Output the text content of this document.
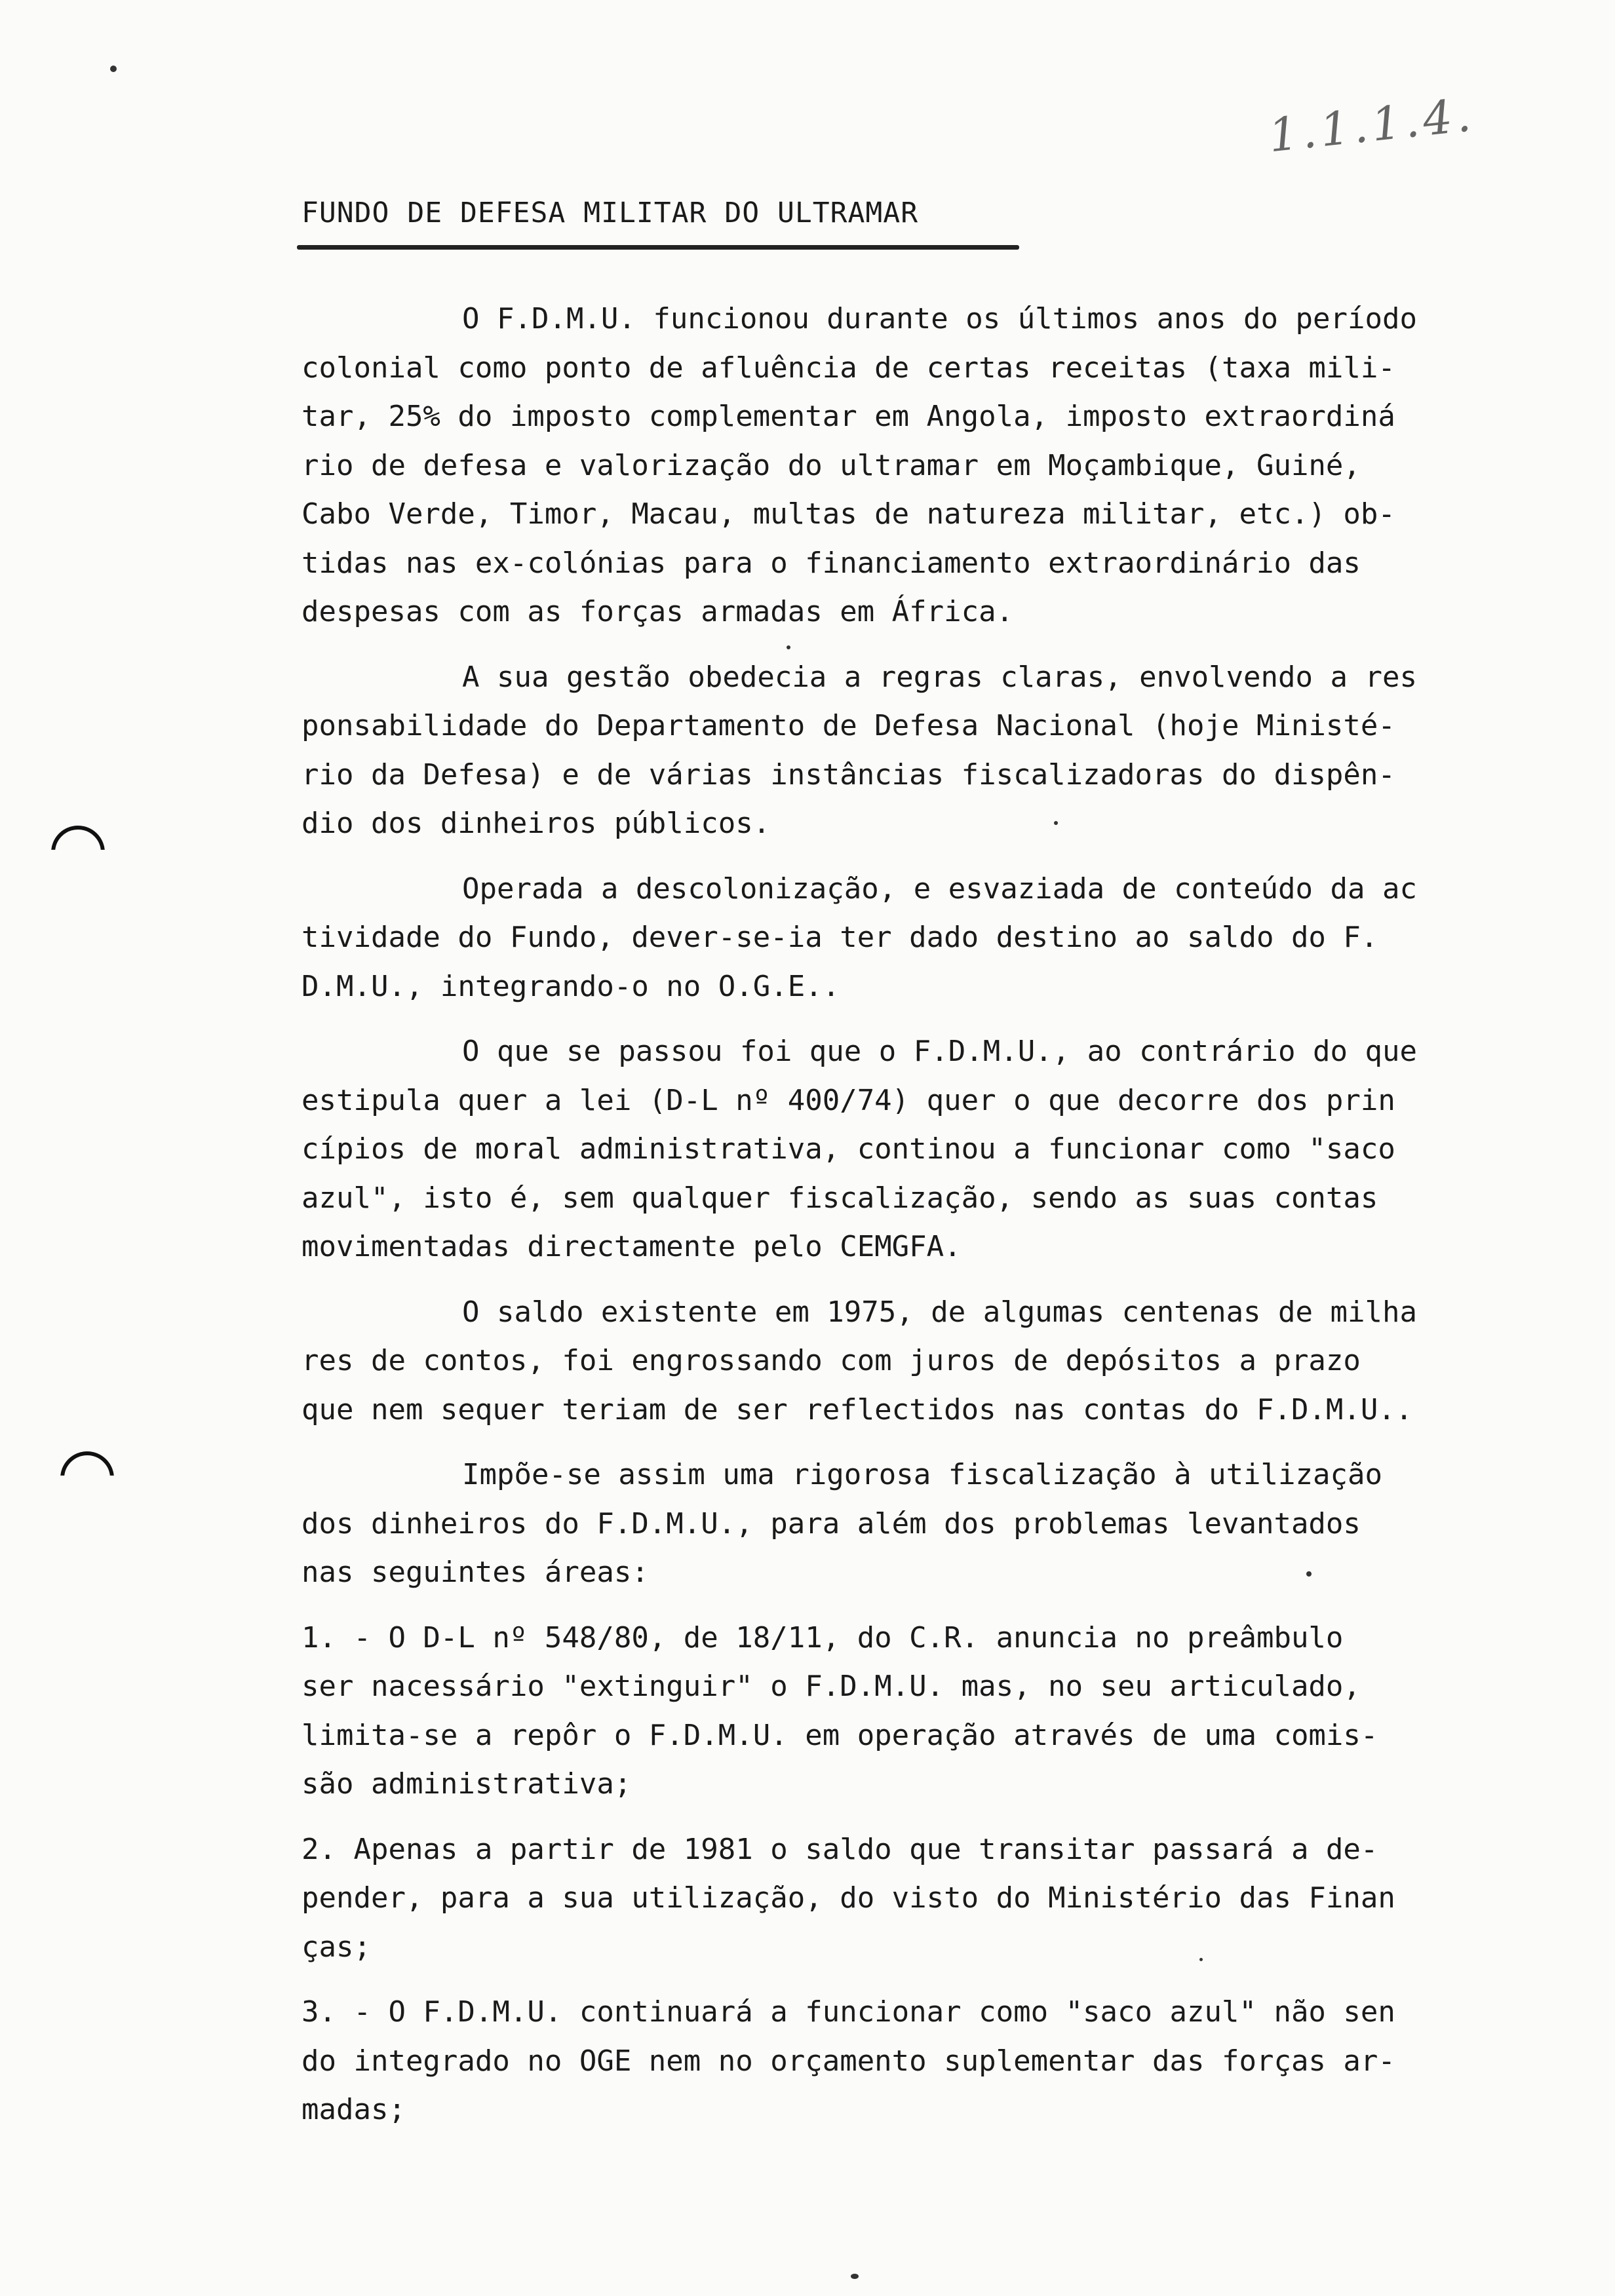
1.1.1.4.
FUNDO DE DEFESA MILITAR DO ULTRAMAR

O F.D.M.U. funcionou durante os últimos anos do período
colonial como ponto de afluência de certas receitas (taxa mili-
tar, 25% do imposto complementar em Angola, imposto extraordiná
rio de defesa e valorização do ultramar em Moçambique, Guiné,
Cabo Verde, Timor, Macau, multas de natureza militar, etc.) ob-
tidas nas ex-colónias para o financiamento extraordinário das
despesas com as forças armadas em África.

A sua gestão obedecia a regras claras, envolvendo a res
ponsabilidade do Departamento de Defesa Nacional (hoje Ministé-
rio da Defesa) e de várias instâncias fiscalizadoras do dispên-
dio dos dinheiros públicos.

Operada a descolonização, e esvaziada de conteúdo da ac
tividade do Fundo, dever-se-ia ter dado destino ao saldo do F.
D.M.U., integrando-o no O.G.E..

O que se passou foi que o F.D.M.U., ao contrário do que
estipula quer a lei (D-L nº 400/74) quer o que decorre dos prin
cípios de moral administrativa, continou a funcionar como "saco
azul", isto é, sem qualquer fiscalização, sendo as suas contas
movimentadas directamente pelo CEMGFA.

O saldo existente em 1975, de algumas centenas de milha
res de contos, foi engrossando com juros de depósitos a prazo
que nem sequer teriam de ser reflectidos nas contas do F.D.M.U..

Impõe-se assim uma rigorosa fiscalização à utilização
dos dinheiros do F.D.M.U., para além dos problemas levantados
nas seguintes áreas:

1. - O D-L nº 548/80, de 18/11, do C.R. anuncia no preâmbulo
ser nacessário "extinguir" o F.D.M.U. mas, no seu articulado,
limita-se a repôr o F.D.M.U. em operação através de uma comis-
são administrativa;

2. Apenas a partir de 1981 o saldo que transitar passará a de-
pender, para a sua utilização, do visto do Ministério das Finan
ças;

3. - O F.D.M.U. continuará a funcionar como "saco azul" não sen
do integrado no OGE nem no orçamento suplementar das forças ar-
madas;
